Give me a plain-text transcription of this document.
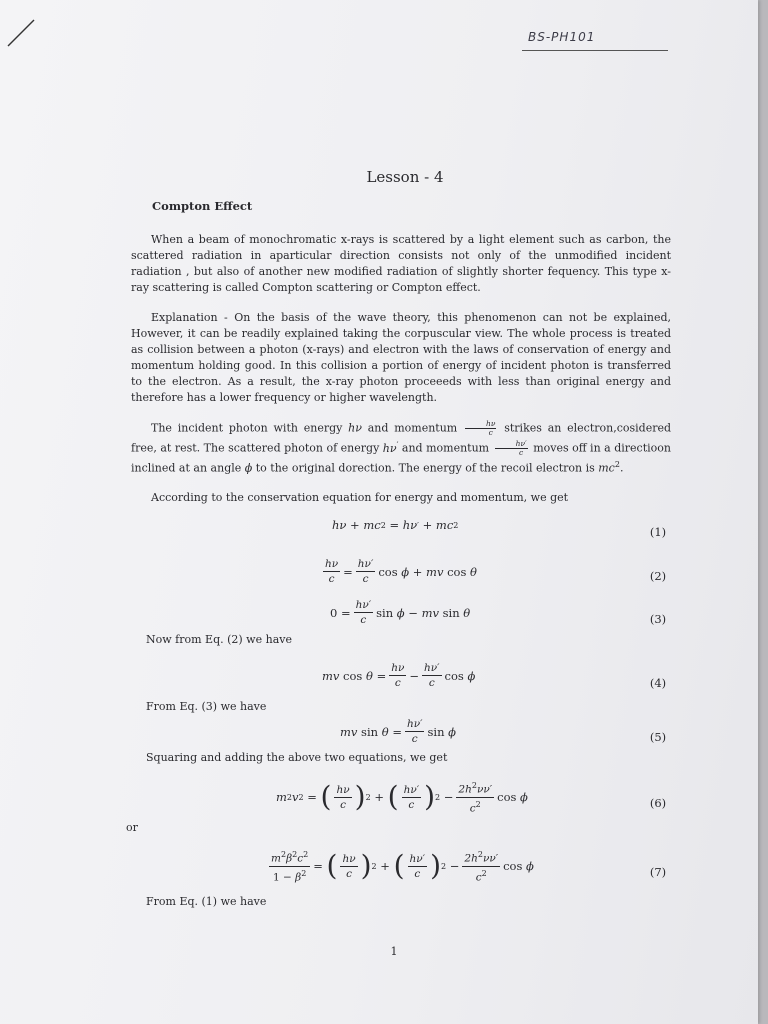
BS-PH101
Lesson - 4
Compton Effect
When a beam of monochromatic x-rays is scattered by a light element such as carbon, the scattered radiation in aparticular direction consists not only of the unmodified incident radiation , but also of another new modified radiation of slightly shorter fequency. This type x-ray scattering is called Compton scattering or Compton effect.
Explanation - On the basis of the wave theory, this phenomenon can not be explained, However, it can be readily explained taking the corpuscular view. The whole process is treated as collision between a photon (x-rays) and electron with the laws of conservation of energy and momentum holding good. In this collision a portion of energy of incident photon is transferred to the electron. As a result, the x-ray photon proceeeds with less than original energy and therefore has a lower frequency or higher wavelength.
The incident photon with energy hν and momentum $\frac{h\nu}{c}$ strikes an electron,cosidered free, at rest. The scattered photon of energy hν′ and momentum $\frac{h\nu'}{c}$ moves off in a directioon inclined at an angle ϕ to the original dorection. The energy of the recoil electron is $mc^2$.
According to the conservation equation for energy and momentum, we get
hν + mc 2
= hν ′ + mc 2	(1)
$\frac{h\nu}{c} = \frac{h\nu'}{c}$ cos ϕ + mv cos θ	(2)
$0 = \frac{h\nu'}{c}$ sin ϕ − mv sin θ	(3)
Now from Eq. (2) we have
mv $\cos \theta = \frac{h\nu}{c} - \frac{h\nu'}{c}$ cos ϕ
(4)
From Eq. (3) we have
mv $\sin \theta = \frac{h\nu'}{c}$ sin ϕ	(5)
Squaring and adding the above two equations, we get
m 2 v 2
=
( $\frac{h\nu}{c}$ ) 2
+
( $\frac{h\nu'}{c}$ ) 2
− $\frac{2h^2\nu\nu'}{c^2}$ cos ϕ	(6)
or
$\frac{m^2\beta^2c^2}{1 - \beta^2}$ =
( $\frac{h\nu}{c}$ ) 2
+
( $\frac{h\nu'}{c}$ ) 2
− $\frac{2h^2\nu\nu'}{c^2}$ cos ϕ	(7)
From Eq. (1) we have
1
